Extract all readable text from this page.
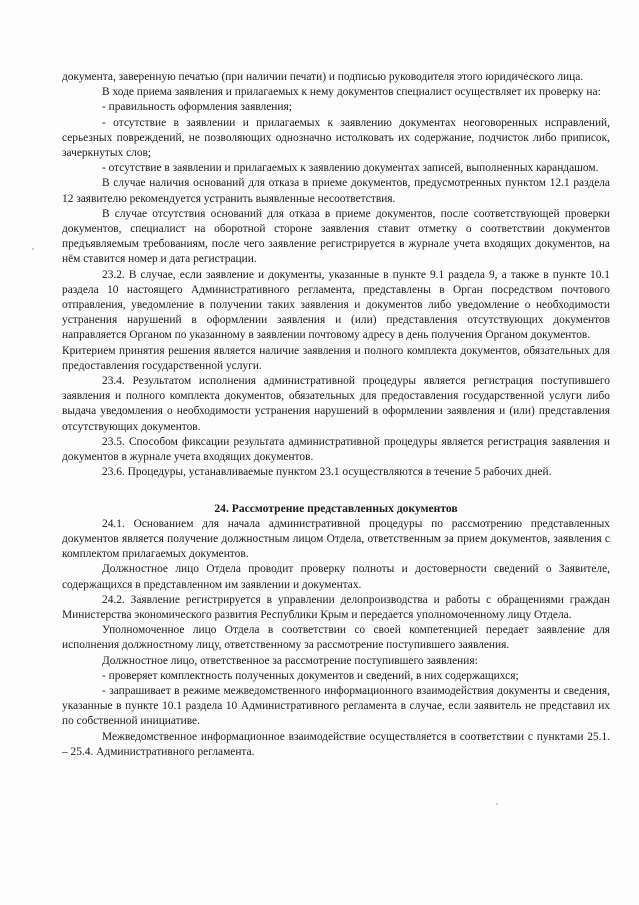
документа, заверенную печатью (при наличии печати) и подписью руководителя этого юридического лица.

В ходе приема заявления и прилагаемых к нему документов специалист осуществляет их проверку на:

- правильность оформления заявления;

- отсутствие в заявлении и прилагаемых к заявлению документах неоговоренных исправлений, серьезных повреждений, не позволяющих однозначно истолковать их содержание, подчисток либо приписок, зачеркнутых слов;

- отсутствие в заявлении и прилагаемых к заявлению документах записей, выполненных карандашом.

В случае наличия оснований для отказа в приеме документов, предусмотренных пунктом 12.1 раздела 12 заявителю рекомендуется устранить выявленные несоответствия.

В случае отсутствия оснований для отказа в приеме документов, после соответствующей проверки документов, специалист на оборотной стороне заявления ставит отметку о соответствии документов предъявляемым требованиям, после чего заявление регистрируется в журнале учета входящих документов, на нём ставится номер и дата регистрации.

23.2. В случае, если заявление и документы, указанные в пункте 9.1 раздела 9, а также в пункте 10.1 раздела 10 настоящего Административного регламента, представлены в Орган посредством почтового отправления, уведомление в получении таких заявления и документов либо уведомление о необходимости устранения нарушений в оформлении заявления и (или) представления отсутствующих документов направляется Органом по указанному в заявлении почтовому адресу в день получения Органом документов.

Критерием принятия решения является наличие заявления и полного комплекта документов, обязательных для предоставления государственной услуги.

23.4. Результатом исполнения административной процедуры является регистрация поступившего заявления и полного комплекта документов, обязательных для предоставления государственной услуги либо выдача уведомления о необходимости устранения нарушений в оформлении заявления и (или) представления отсутствующих документов.

23.5. Способом фиксации результата административной процедуры является регистрация заявления и документов в журнале учета входящих документов.

23.6. Процедуры, устанавливаемые пунктом 23.1 осуществляются в течение 5 рабочих дней.

24. Рассмотрение представленных документов

24.1. Основанием для начала административной процедуры по рассмотрению представленных документов является получение должностным лицом Отдела, ответственным за прием документов, заявления с комплектом прилагаемых документов.

Должностное лицо Отдела проводит проверку полноты и достоверности сведений о Заявителе, содержащихся в представленном им заявлении и документах.

24.2. Заявление регистрируется в управлении делопроизводства и работы с обращениями граждан Министерства экономического развития Республики Крым и передается уполномоченному лицу Отдела.

Уполномоченное лицо Отдела в соответствии со своей компетенцией передает заявление для исполнения должностному лицу, ответственному за рассмотрение поступившего заявления.

Должностное лицо, ответственное за рассмотрение поступившего заявления:

- проверяет комплектность полученных документов и сведений, в них содержащихся;

- запрашивает в режиме межведомственного информационного взаимодействия документы и сведения, указанные в пункте 10.1 раздела 10 Административного регламента в случае, если заявитель не представил их по собственной инициативе.

Межведомственное информационное взаимодействие осуществляется в соответствии с пунктами 25.1. – 25.4. Административного регламента.
